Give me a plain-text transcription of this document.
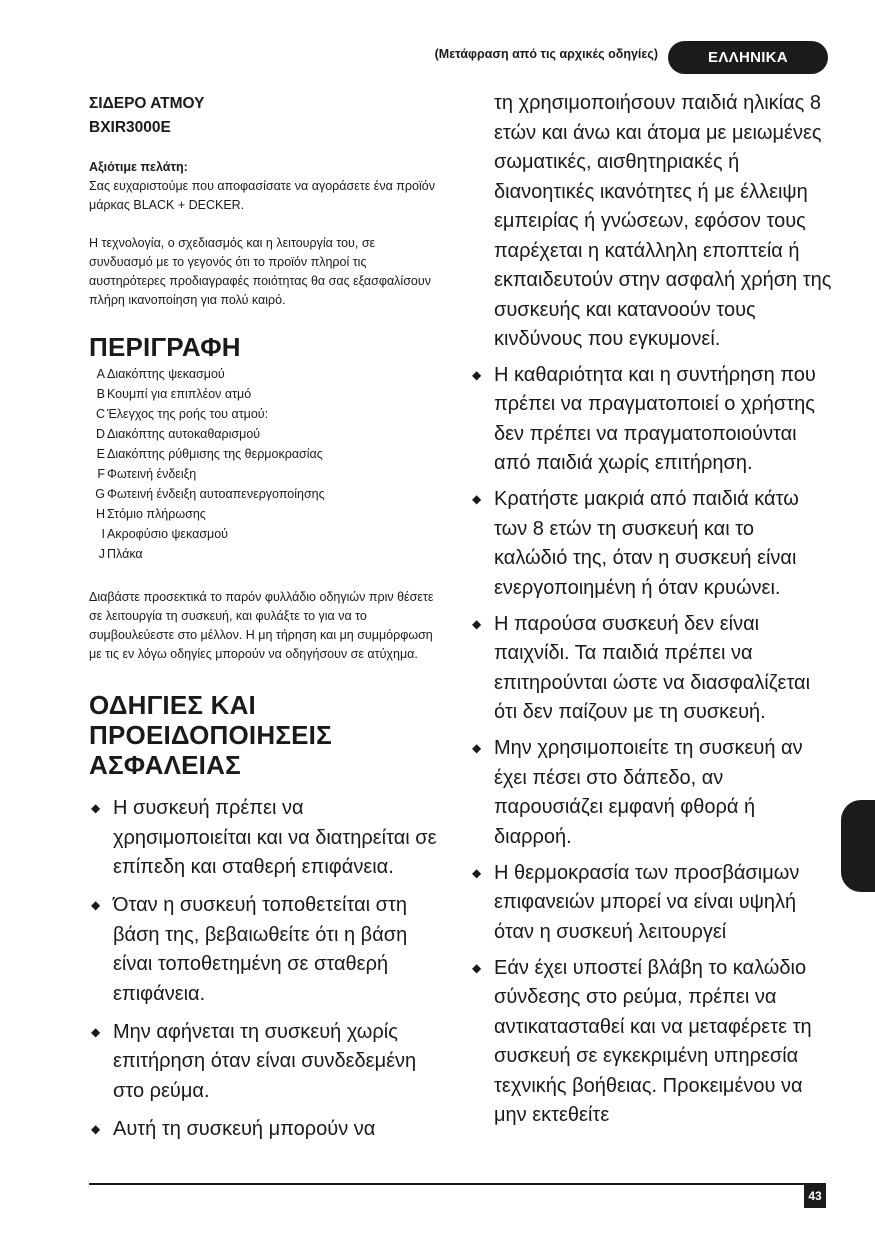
(Μετάφραση από τις αρχικές οδηγίες)	ΕΛΛΗΝΙΚΑ
ΣΙΔΕΡΟ ΑΤΜΟΥ
BXIR3000E
Αξιότιμε πελάτη:

Σας ευχαριστούμε που αποφασίσατε να αγοράσετε ένα προϊόν μάρκας BLACK + DECKER.

Η τεχνολογία, ο σχεδιασμός και η λειτουργία του, σε συνδυασμό με το γεγονός ότι το προϊόν πληροί τις αυστηρότερες προδιαγραφές ποιότητας θα σας εξασφαλίσουν πλήρη ικανοποίηση για πολύ καιρό.

ΠΕΡΙΓΡΑΦΗ
A Διακόπτης ψεκασμού
B Κουμπί για επιπλέον ατμό
C Έλεγχος της ροής του ατμού:
D Διακόπτης αυτοκαθαρισμού
E Διακόπτης ρύθμισης της θερμοκρασίας
F Φωτεινή ένδειξη
G Φωτεινή ένδειξη αυτοαπενεργοποίησης
H Στόμιο πλήρωσης
I Ακροφύσιο ψεκασμού
J Πλάκα

Διαβάστε προσεκτικά το παρόν φυλλάδιο οδηγιών πριν θέσετε σε λειτουργία τη συσκευή, και φυλάξτε το για να το συμβουλεύεστε στο μέλλον. Η μη τήρηση και μη συμμόρφωση με τις εν λόγω οδηγίες μπορούν να οδηγήσουν σε ατύχημα.

ΟΔΗΓΙΕΣ ΚΑΙ
ΠΡΟΕΙΔΟΠΟΙΗΣΕΙΣ
ΑΣΦΑΛΕΙΑΣ
◆ Η συσκευή πρέπει να χρησιμοποιείται και να διατηρείται σε επίπεδη και σταθερή επιφάνεια.
◆ Όταν η συσκευή τοποθετείται στη βάση της, βεβαιωθείτε ότι η βάση είναι τοποθετημένη σε σταθερή επιφάνεια.
◆ Μην αφήνεται τη συσκευή χωρίς επιτήρηση όταν είναι συνδεδεμένη στο ρεύμα.
◆ Αυτή τη συσκευή μπορούν να
τη χρησιμοποιήσουν παιδιά ηλικίας 8 ετών και άνω και άτομα με μειωμένες σωματικές, αισθητηριακές ή διανοητικές ικανότητες ή με έλλειψη εμπειρίας ή γνώσεων, εφόσον τους παρέχεται η κατάλληλη εποπτεία ή εκπαιδευτούν στην ασφαλή χρήση της συσκευής και κατανοούν τους κινδύνους που εγκυμονεί.
◆ Η καθαριότητα και η συντήρηση που πρέπει να πραγματοποιεί ο χρήστης δεν πρέπει να πραγματοποιούνται από παιδιά χωρίς επιτήρηση.
◆ Κρατήστε μακριά από παιδιά κάτω των 8 ετών τη συσκευή και το καλώδιό της, όταν η συσκευή είναι ενεργοποιημένη ή όταν κρυώνει.
◆ Η παρούσα συσκευή δεν είναι παιχνίδι. Τα παιδιά πρέπει να επιτηρούνται ώστε να διασφαλίζεται ότι δεν παίζουν με τη συσκευή.
◆ Μην χρησιμοποιείτε τη συσκευή αν έχει πέσει στο δάπεδο, αν παρουσιάζει εμφανή φθορά ή διαρροή.
◆ Η θερμοκρασία των προσβάσιμων επιφανειών μπορεί να είναι υψηλή όταν η συσκευή λειτουργεί
◆ Εάν έχει υποστεί βλάβη το καλώδιο σύνδεσης στο ρεύμα, πρέπει να αντικατασταθεί και να μεταφέρετε τη συσκευή σε εγκεκριμένη υπηρεσία τεχνικής βοήθειας. Προκειμένου να μην εκτεθείτε
43
